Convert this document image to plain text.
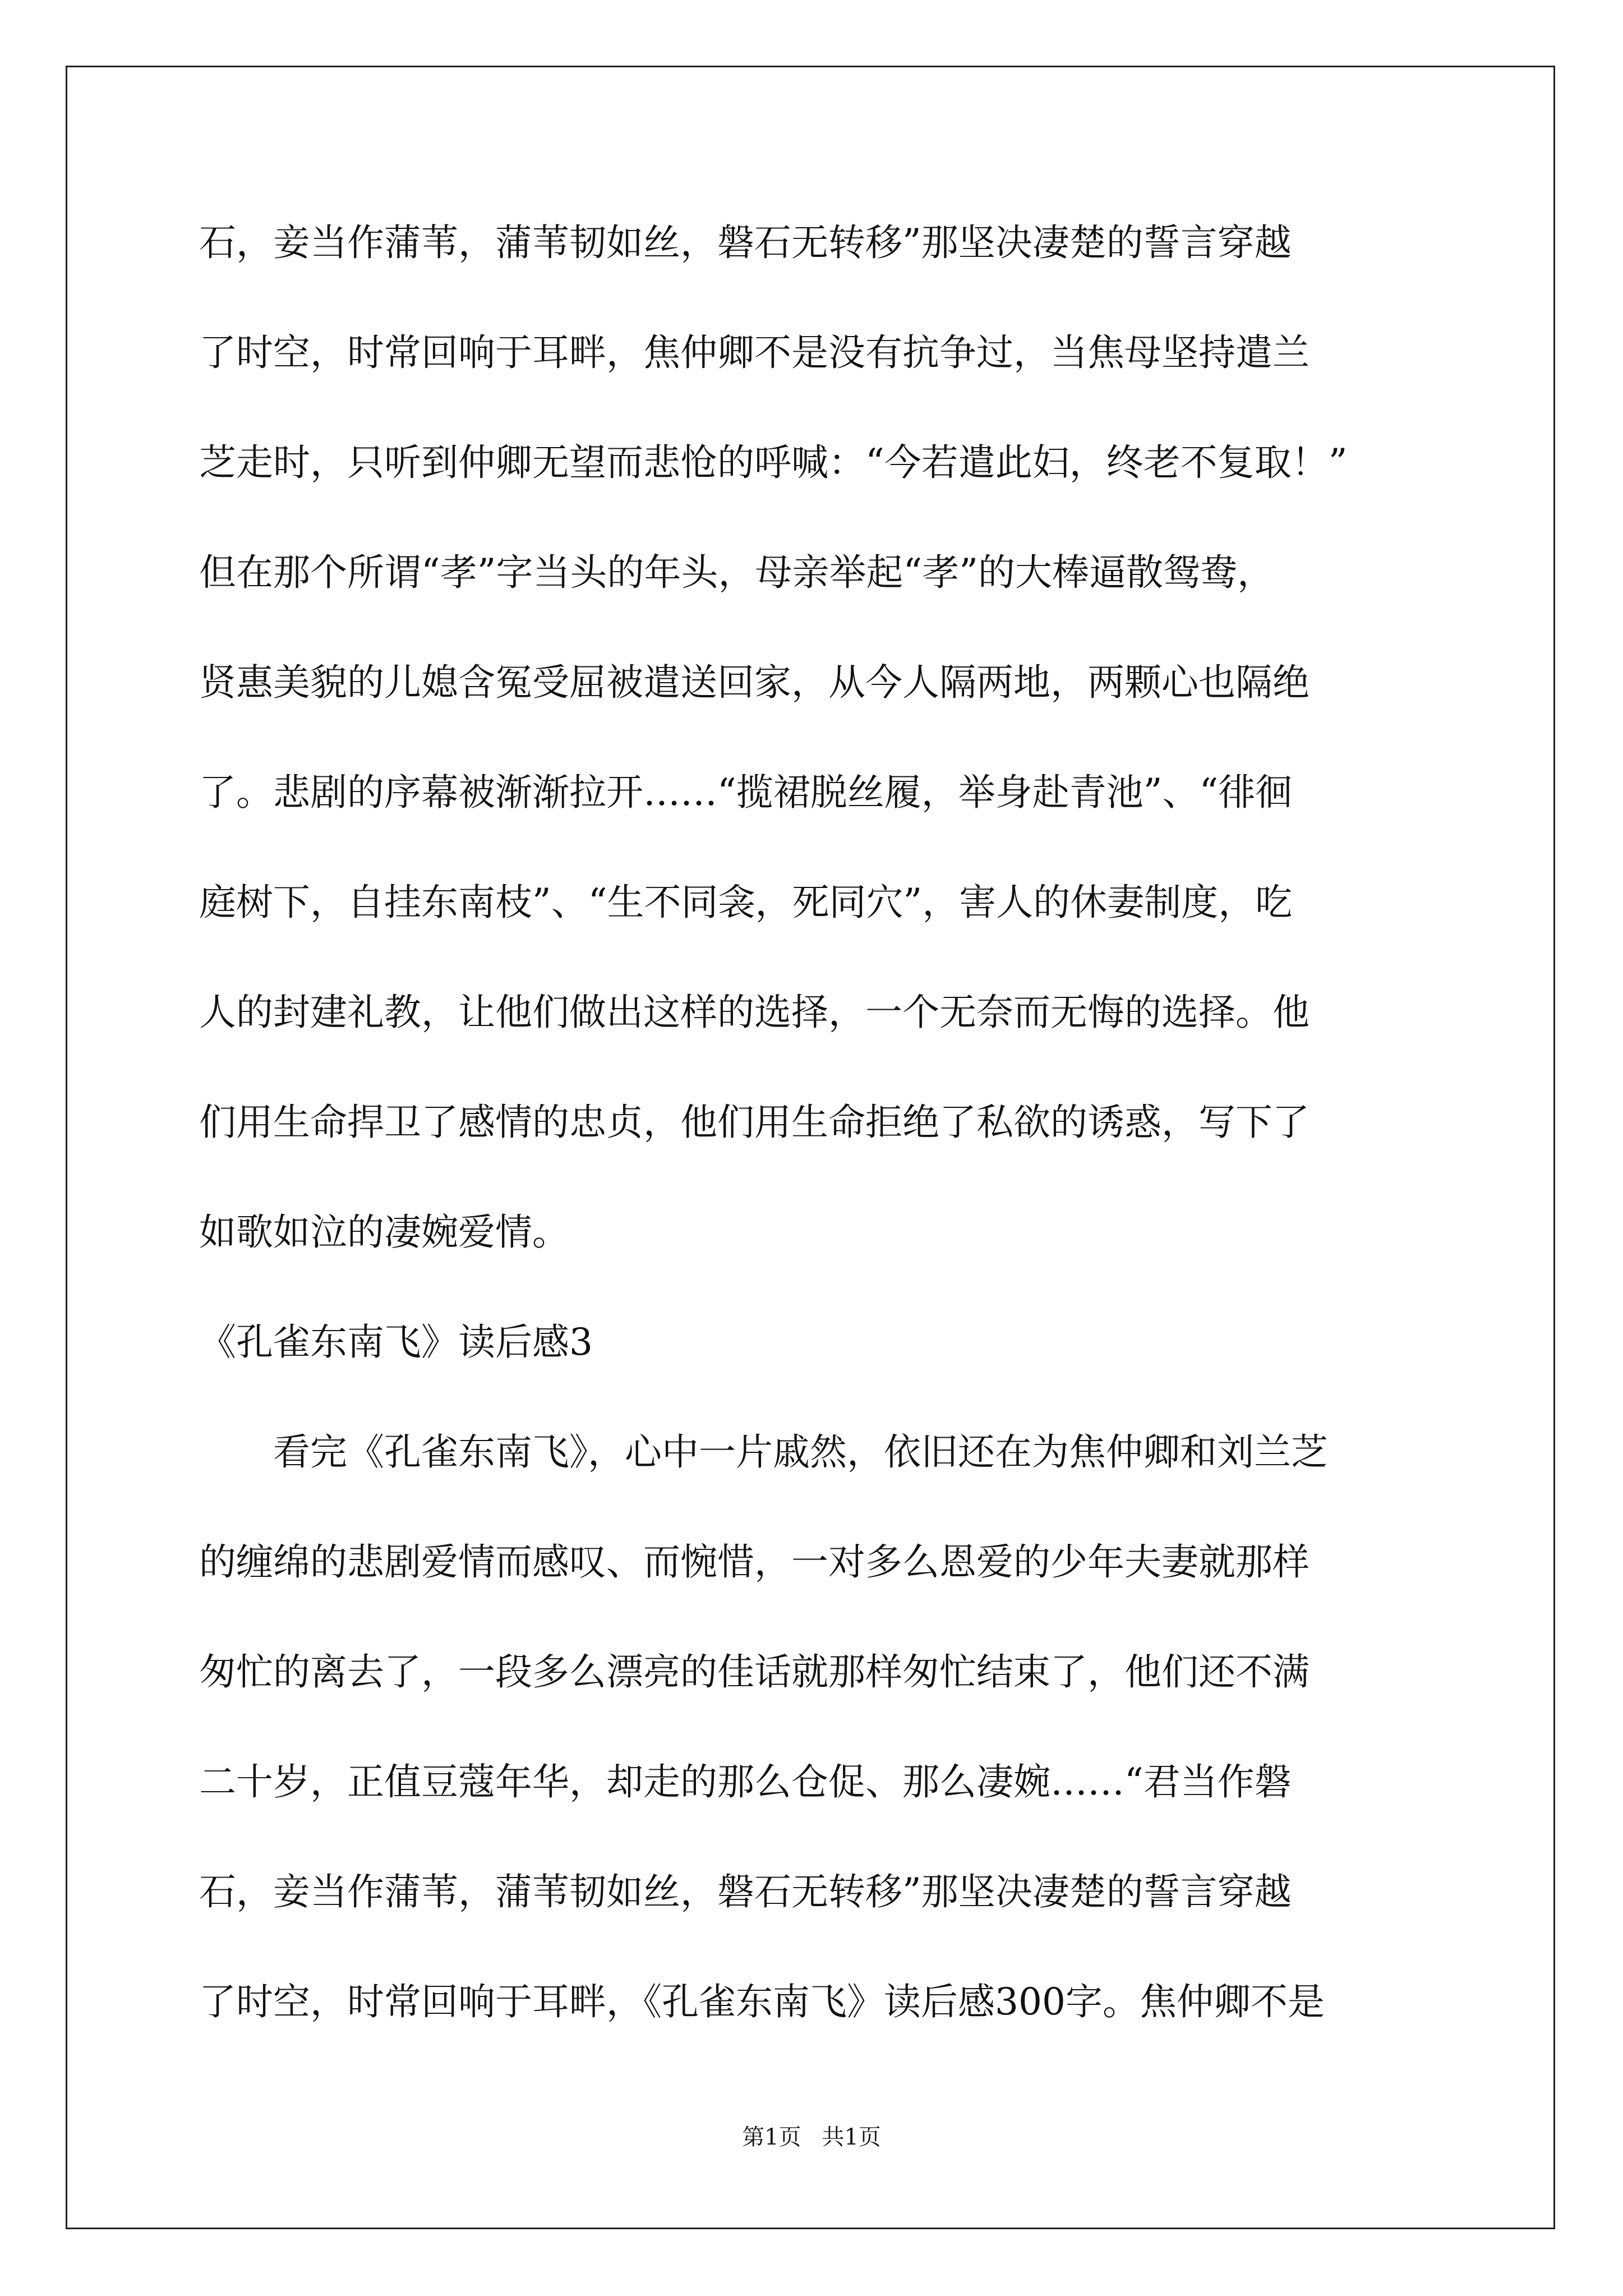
石，妾当作蒲苇，蒲苇韧如丝，磐石无转移”那坚决凄楚的誓言穿越
了时空，时常回响于耳畔，焦仲卿不是没有抗争过，当焦母坚持遣兰
芝走时，只听到仲卿无望而悲怆的呼喊：“今若遣此妇，终老不复取！”
但在那个所谓“孝”字当头的年头，母亲举起“孝”的大棒逼散鸳鸯，
贤惠美貌的儿媳含冤受屈被遣送回家，从今人隔两地，两颗心也隔绝
了。悲剧的序幕被渐渐拉开……“揽裙脱丝履，举身赴青池”、“徘徊
庭树下，自挂东南枝”、“生不同衾，死同穴”，害人的休妻制度，吃
人的封建礼教，让他们做出这样的选择，一个无奈而无悔的选择。他
们用生命捍卫了感情的忠贞，他们用生命拒绝了私欲的诱惑，写下了
如歌如泣的凄婉爱情。
《孔雀东南飞》读后感3
看完《孔雀东南飞》，心中一片戚然，依旧还在为焦仲卿和刘兰芝
的缠绵的悲剧爱情而感叹、而惋惜，一对多么恩爱的少年夫妻就那样
匆忙的离去了，一段多么漂亮的佳话就那样匆忙结束了，他们还不满
二十岁，正值豆蔻年华，却走的那么仓促、那么凄婉……“君当作磐
石，妾当作蒲苇，蒲苇韧如丝，磐石无转移”那坚决凄楚的誓言穿越
了时空，时常回响于耳畔，《孔雀东南飞》读后感300字。焦仲卿不是
第1页 共1页
